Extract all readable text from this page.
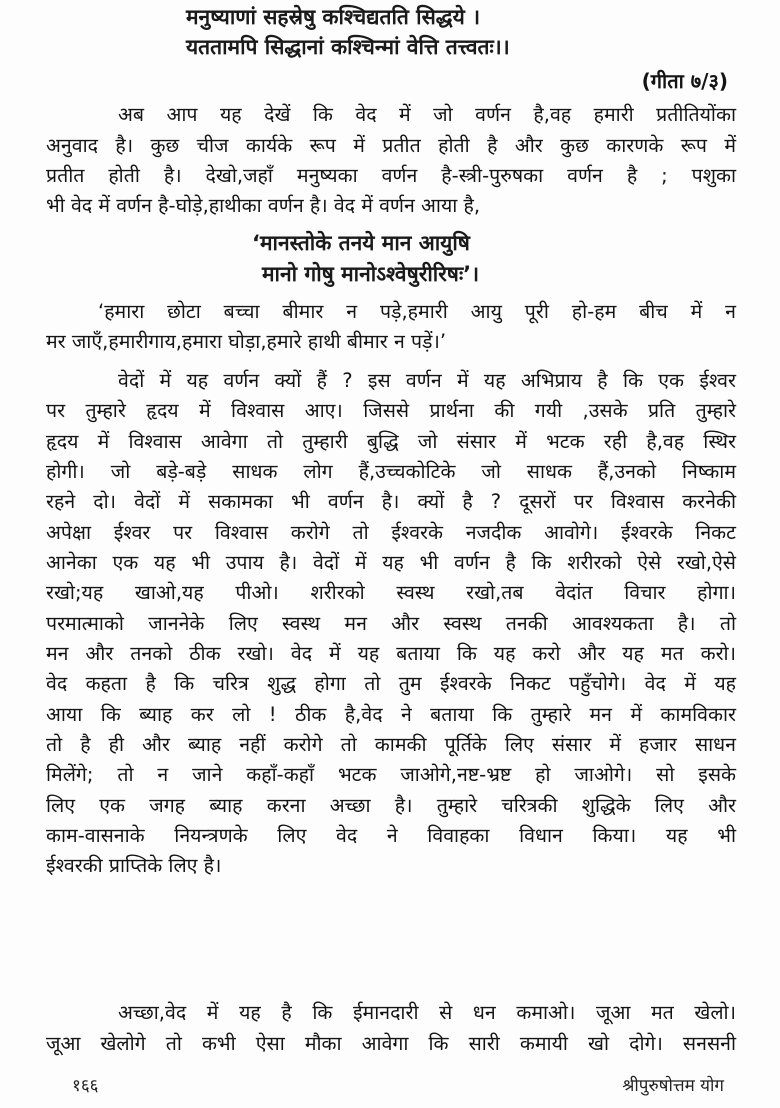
मनुष्याणां सहस्रेषु कश्चिद्यतति सिद्धये ।
यततामपि सिद्धानां कश्चिन्मां वेत्ति तत्त्वतः।।
(गीता ७/३)
अब आप यह देखें कि वेद में जो वर्णन है,वह हमारी प्रतीतियोंका
अनुवाद है। कुछ चीज कार्यके रूप में प्रतीत होती है और कुछ कारणके रूप में
प्रतीत होती है। देखो,जहाँ मनुष्यका वर्णन है-स्त्री-पुरुषका वर्णन है ; पशुका
भी वेद में वर्णन है-घोड़े,हाथीका वर्णन है। वेद में वर्णन आया है,
‘मानस्तोके तनये मान आयुषि
मानो गोषु मानोऽश्वेषुरीरिषः’।
‘हमारा छोटा बच्चा बीमार न पड़े,हमारी आयु पूरी हो-हम बीच में न
मर जाएँ,हमारीगाय,हमारा घोड़ा,हमारे हाथी बीमार न पड़ें।’
वेदों में यह वर्णन क्यों हैं ? इस वर्णन में यह अभिप्राय है कि एक ईश्वर
पर तुम्हारे हृदय में विश्वास आए। जिससे प्रार्थना की गयी ,उसके प्रति तुम्हारे
हृदय में विश्वास आवेगा तो तुम्हारी बुद्धि जो संसार में भटक रही है,वह स्थिर
होगी। जो बड़े-बड़े साधक लोग हैं,उच्चकोटिके जो साधक हैं,उनको निष्काम
रहने दो। वेदों में सकामका भी वर्णन है। क्यों है ? दूसरों पर विश्वास करनेकी
अपेक्षा ईश्वर पर विश्वास करोगे तो ईश्वरके नजदीक आवोगे। ईश्वरके निकट
आनेका एक यह भी उपाय है। वेदों में यह भी वर्णन है कि शरीरको ऐसे रखो,ऐसे
रखो;यह खाओ,यह पीओ। शरीरको स्वस्थ रखो,तब वेदांत विचार होगा।
परमात्माको जाननेके लिए स्वस्थ मन और स्वस्थ तनकी आवश्यकता है। तो
मन और तनको ठीक रखो। वेद में यह बताया कि यह करो और यह मत करो।
वेद कहता है कि चरित्र शुद्ध होगा तो तुम ईश्वरके निकट पहुँचोगे। वेद में यह
आया कि ब्याह कर लो ! ठीक है,वेद ने बताया कि तुम्हारे मन में कामविकार
तो है ही और ब्याह नहीं करोगे तो कामकी पूर्तिके लिए संसार में हजार साधन
मिलेंगे; तो न जाने कहाँ-कहाँ भटक जाओगे,नष्ट-भ्रष्ट हो जाओगे। सो इसके
लिए एक जगह ब्याह करना अच्छा है। तुम्हारे चरित्रकी शुद्धिके लिए और
काम-वासनाके नियन्त्रणके लिए वेद ने विवाहका विधान किया। यह भी
ईश्वरकी प्राप्तिके लिए है।
अच्छा,वेद में यह है कि ईमानदारी से धन कमाओ। जूआ मत खेलो।
जूआ खेलोगे तो कभी ऐसा मौका आवेगा कि सारी कमायी खो दोगे। सनसनी
१६६	श्रीपुरुषोत्तम योग
